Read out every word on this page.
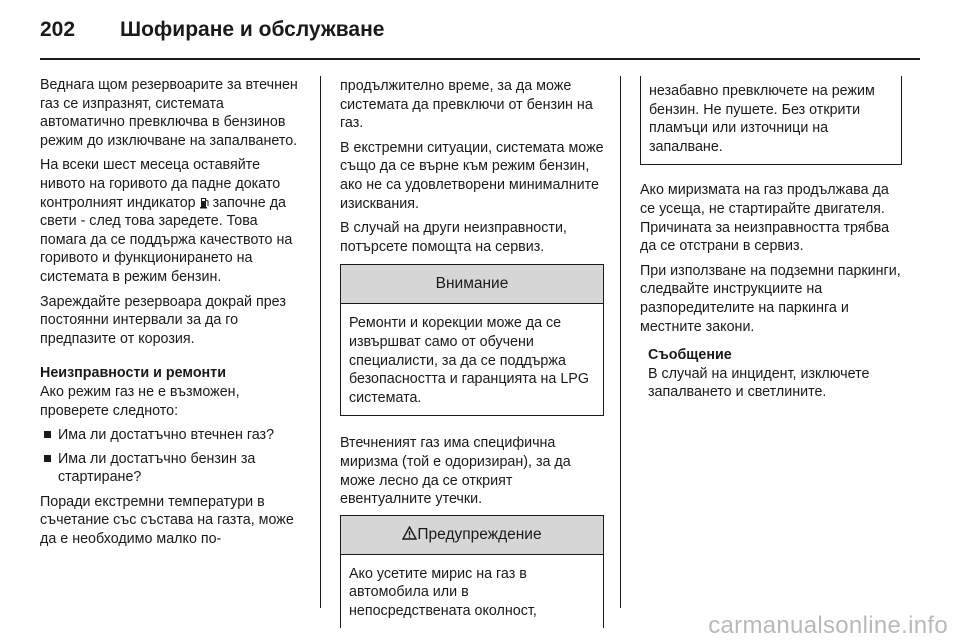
202	Шофиране и обслужване

Веднага щом резервоарите за втечнен газ се изпразнят, системата автоматично превключва в бензинов режим до изключване на запалването.

На всеки шест месеца оставяйте нивото на горивото да падне докато контролният индикатор започне да свети - след това заредете. Това помага да се поддържа качеството на горивото и функционирането на системата в режим бензин.

Зареждайте резервоара докрай през постоянни интервали за да го предпазите от корозия.

Неизправности и ремонти

Ако режим газ не е възможен, проверете следното:

Има ли достатъчно втечнен газ?
Има ли достатъчно бензин за стартиране?

Поради екстремни температури в съчетание със състава на газта, може да е необходимо малко по-

продължително време, за да може системата да превключи от бензин на газ.

В екстремни ситуации, системата може същo да се върне към режим бензин, ако не са удовлетворени минималните изисквания.

В случай на други неизправности, потърсете помощта на сервиз.

Внимание
Ремонти и корекции може да се извършват само от обучени специалисти, за да се поддържа безопасността и гаранцията на LPG системата.

Втечненият газ има специфична миризма (той е одоризиран), за да може лесно да се открият евентуалните утечки.

Предупреждение
Ако усетите мирис на газ в автомобила или в непосредствената околност,
незабавно превключете на режим бензин. Не пушете. Без открити пламъци или източници на запалване.

Ако миризмата на газ продължава да се усеща, не стартирайте двигателя. Причината за неизправността трябва да се отстрани в сервиз.

При използване на подземни паркинги, следвайте инструкциите на разпоредителите на паркинга и местните закони.

Съобщение
В случай на инцидент, изключете запалването и светлините.
carmanualsonline.info
